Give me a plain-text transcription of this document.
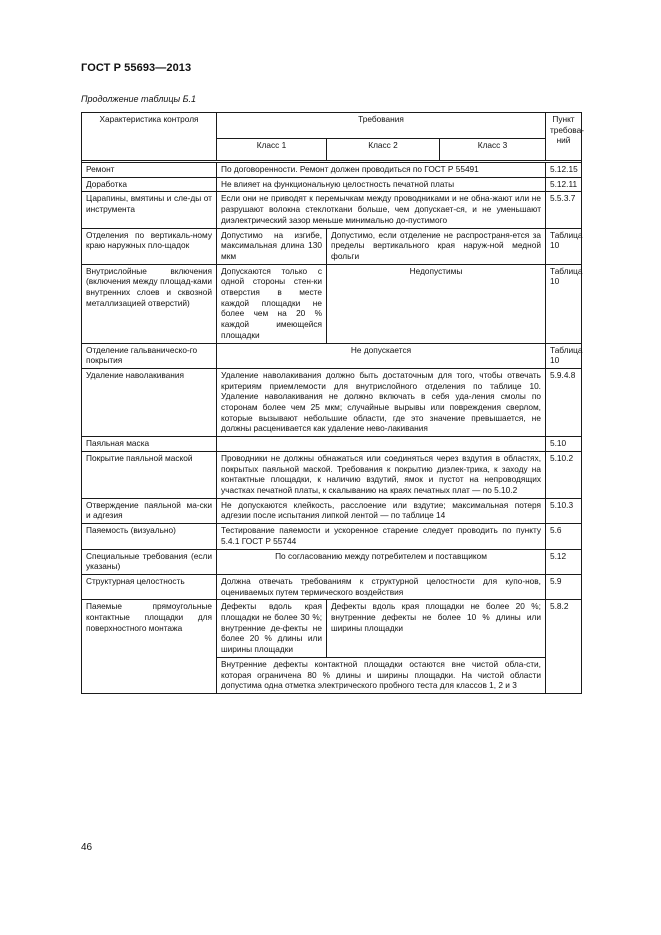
ГОСТ Р 55693—2013
Продолжение таблицы Б.1
Характеристика контроля	Требования			Пункт требова-ний
	Класс 1	Класс 2	Класс 3	

Ремонт	По договоренности. Ремонт должен проводиться по ГОСТ Р 55491			5.12.15
Доработка	Не влияет на функциональную целостность печатной платы			5.12.11
Царапины, вмятины и сле-ды от инструмента	Если они не приводят к перемычкам между проводниками и не обна-жают или не разрушают волокна стеклоткани больше, чем допускает-ся, и не уменьшают диэлектрический зазор меньше минимально до-пустимого			5.5.3.7
Отделения по вертикаль-ному краю наружных пло-щадок	Допустимо на изгибе, максимальная длина 130 мкм	Допустимо, если отделение не распространя-ется за пределы вертикального края наруж-ной медной фольги		Таблица 10
Внутрислойные включения (включения между площад-ками внутренних слоев и сквозной металлизацией отверстий)	Допускаются только с одной стороны стен-ки отверстия в месте каждой площадки не более чем на 20 % каждой имеющейся площадки	Недопустимы		Таблица 10
Отделение гальваническо-го покрытия	Не допускается			Таблица 10
Удаление наволакивания	Удаление наволакивания должно быть достаточным для того, чтобы отвечать критериям приемлемости для внутрислойного отделения по таблице 10. Удаление наволакивания не должно включать в себя уда-ления смолы по сторонам более чем 25 мкм; случайные вырывы или повреждения сверлом, которые вызывают небольшие области, где это значение превышается, не должны расценивается как удаление нево-лакивания			5.9.4.8
Паяльная маска				5.10
Покрытие паяльной маской	Проводники не должны обнажаться или соединяться через вздутия в областях, покрытых паяльной маской. Требования к покрытию диэлек-трика, к заходу на контактные площадки, к наличию вздутий, ямок и пустот на непроводящих участках печатной платы, к скалыванию на краях печатных плат — по 5.10.2			5.10.2
Отверждение паяльной ма-ски и адгезия	Не допускаются клейкость, расслоение или вздутие; максимальная потеря адгезии после испытания липкой лентой — по таблице 14			5.10.3
Паяемость (визуально)	Тестирование паяемости и ускоренное старение следует проводить по пункту 5.4.1 ГОСТ Р 55744			5.6
Специальные требования (если указаны)	По согласованию между потребителем и поставщиком			5.12
Структурная целостность	Должна отвечать требованиям к структурной целостности для купо-нов, оцениваемых путем термического воздействия			5.9
Паяемые прямоугольные контактные площадки для поверхностного монтажа	Дефекты вдоль края площадки не более 30 %; внутренние де-фекты не более 20 % длины или ширины площадки	Дефекты вдоль края площадки не более 20 %; внутренние дефекты не более 10 % длины или ширины площадки		5.8.2
	Внутренние дефекты контактной площадки остаются вне чистой обла-сти, которая ограничена 80 % длины и ширины площадки. На чистой области допустима одна отметка электрического пробного теста для классов 1, 2 и 3			
46
